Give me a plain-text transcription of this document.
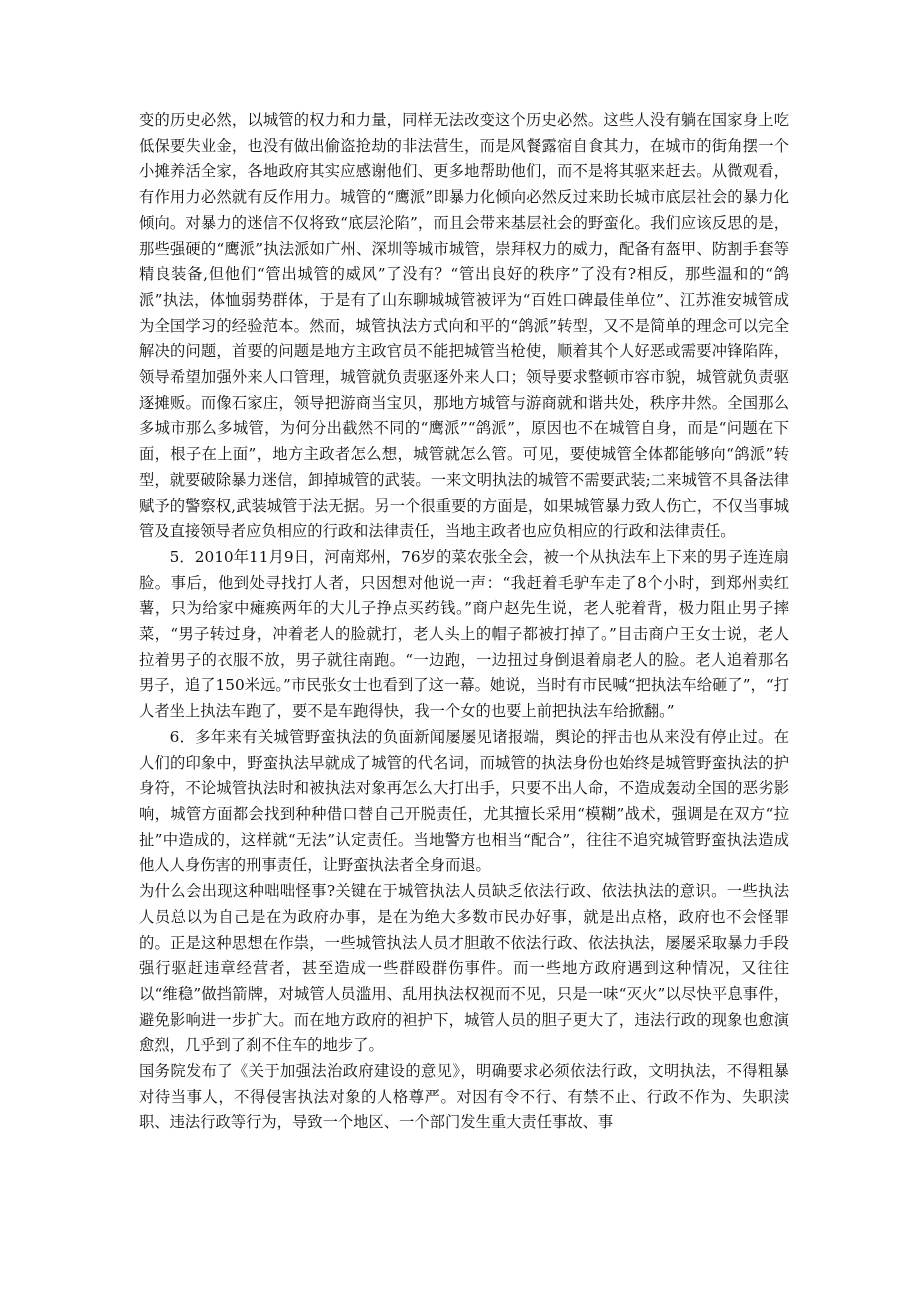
变的历史必然，以城管的权力和力量，同样无法改变这个历史必然。这些人没有躺在国家身上吃低保要失业金，也没有做出偷盗抢劫的非法营生，而是风餐露宿自食其力，在城市的街角摆一个小摊养活全家，各地政府其实应感谢他们、更多地帮助他们，而不是将其驱来赶去。从微观看，有作用力必然就有反作用力。城管的“鹰派”即暴力化倾向必然反过来助长城市底层社会的暴力化倾向。对暴力的迷信不仅将致“底层沦陷”，而且会带来基层社会的野蛮化。我们应该反思的是，那些强硬的“鹰派”执法派如广州、深圳等城市城管，崇拜权力的威力，配备有盔甲、防割手套等精良装备,但他们“管出城管的威风”了没有？“管出良好的秩序”了没有?相反，那些温和的“鸽派”执法，体恤弱势群体，于是有了山东聊城城管被评为“百姓口碑最佳单位”、江苏淮安城管成为全国学习的经验范本。然而，城管执法方式向和平的“鸽派”转型，又不是简单的理念可以完全解决的问题，首要的问题是地方主政官员不能把城管当枪使，顺着其个人好恶或需要冲锋陷阵，领导希望加强外来人口管理，城管就负责驱逐外来人口；领导要求整顿市容市貌，城管就负责驱逐摊贩。而像石家庄，领导把游商当宝贝，那地方城管与游商就和谐共处，秩序井然。全国那么多城市那么多城管，为何分出截然不同的“鹰派”“鸽派”，原因也不在城管自身，而是“问题在下面，根子在上面”，地方主政者怎么想，城管就怎么管。可见，要使城管全体都能够向“鸽派”转型，就要破除暴力迷信，卸掉城管的武装。一来文明执法的城管不需要武装;二来城管不具备法律赋予的警察权,武装城管于法无据。另一个很重要的方面是，如果城管暴力致人伤亡，不仅当事城管及直接领导者应负相应的行政和法律责任，当地主政者也应负相应的行政和法律责任。

5．2010年11月9日，河南郑州，76岁的菜农张全会，被一个从执法车上下来的男子连连扇脸。事后，他到处寻找打人者，只因想对他说一声：“我赶着毛驴车走了8个小时，到郑州卖红薯，只为给家中瘫痪两年的大儿子挣点买药钱。”商户赵先生说，老人驼着背，极力阻止男子摔菜，“男子转过身，冲着老人的脸就打，老人头上的帽子都被打掉了。”目击商户王女士说，老人拉着男子的衣服不放，男子就往南跑。“一边跑，一边扭过身倒退着扇老人的脸。老人追着那名男子，追了150米远。”市民张女士也看到了这一幕。她说，当时有市民喊“把执法车给砸了”，“打人者坐上执法车跑了，要不是车跑得快，我一个女的也要上前把执法车给掀翻。”

6．多年来有关城管野蛮执法的负面新闻屡屡见诸报端，舆论的抨击也从来没有停止过。在人们的印象中，野蛮执法早就成了城管的代名词，而城管的执法身份也始终是城管野蛮执法的护身符，不论城管执法时和被执法对象再怎么大打出手，只要不出人命，不造成轰动全国的恶劣影响，城管方面都会找到种种借口替自己开脱责任，尤其擅长采用“模糊”战术，强调是在双方“拉扯”中造成的，这样就“无法”认定责任。当地警方也相当“配合”，往往不追究城管野蛮执法造成他人人身伤害的刑事责任，让野蛮执法者全身而退。

为什么会出现这种咄咄怪事?关键在于城管执法人员缺乏依法行政、依法执法的意识。一些执法人员总以为自己是在为政府办事，是在为绝大多数市民办好事，就是出点格，政府也不会怪罪的。正是这种思想在作祟，一些城管执法人员才胆敢不依法行政、依法执法，屡屡采取暴力手段强行驱赶违章经营者，甚至造成一些群殴群伤事件。而一些地方政府遇到这种情况，又往往以“维稳”做挡箭牌，对城管人员滥用、乱用执法权视而不见，只是一味“灭火”以尽快平息事件，避免影响进一步扩大。而在地方政府的袒护下，城管人员的胆子更大了，违法行政的现象也愈演愈烈，几乎到了刹不住车的地步了。

国务院发布了《关于加强法治政府建设的意见》，明确要求必须依法行政，文明执法，不得粗暴对待当事人，不得侵害执法对象的人格尊严。对因有令不行、有禁不止、行政不作为、失职渎职、违法行政等行为，导致一个地区、一个部门发生重大责任事故、事
